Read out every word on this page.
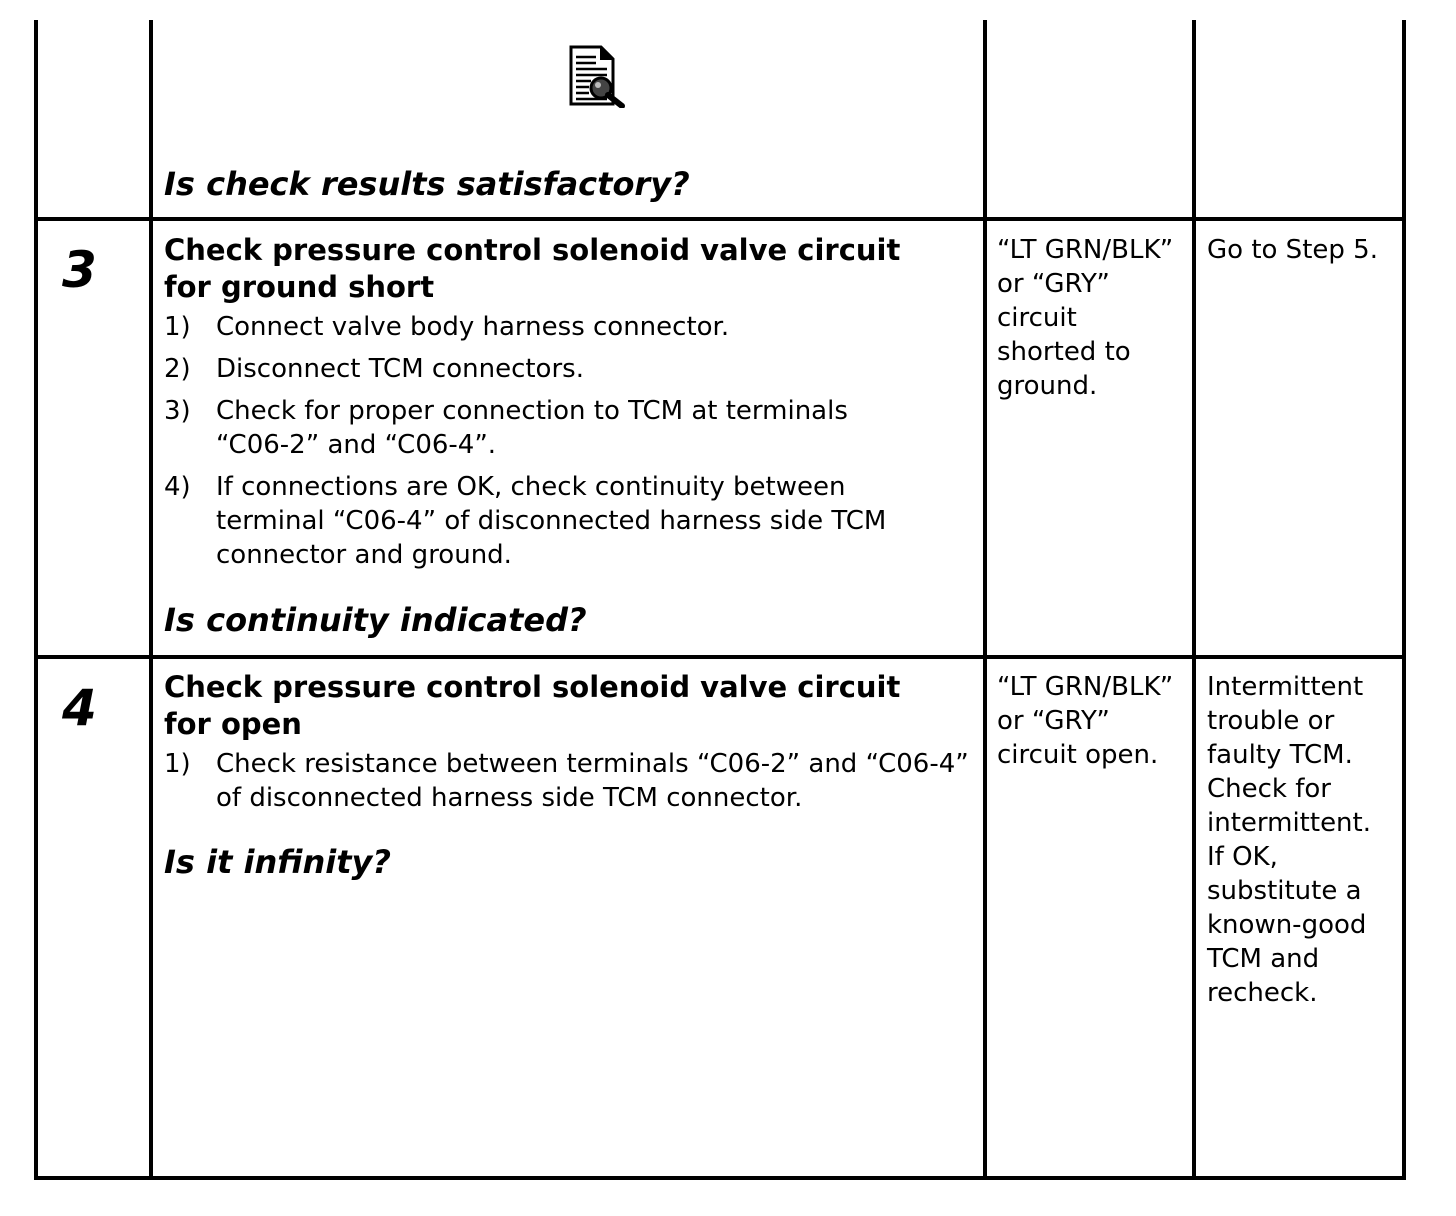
Is check results satisfactory?

3 Check pressure control solenoid valve circuit
for ground short

1) Connect valve body harness connector.
2) Disconnect TCM connectors.
3) Check for proper connection to TCM at terminals “C06-2” and “C06-4”.
4) If connections are OK, check continuity between terminal “C06-4” of disconnected harness side TCM connector and ground.

Is continuity indicated?

“LT GRN/BLK” or “GRY” circuit shorted to ground.
Go to Step 5.
4 Check pressure control solenoid valve circuit
for open

1) Check resistance between terminals “C06-2” and “C06-4” of disconnected harness side TCM connector.

Is it infinity?

“LT GRN/BLK” or “GRY” circuit open.
Intermittent trouble or faulty TCM. Check for intermittent. If OK, substitute a known-good TCM and recheck.
